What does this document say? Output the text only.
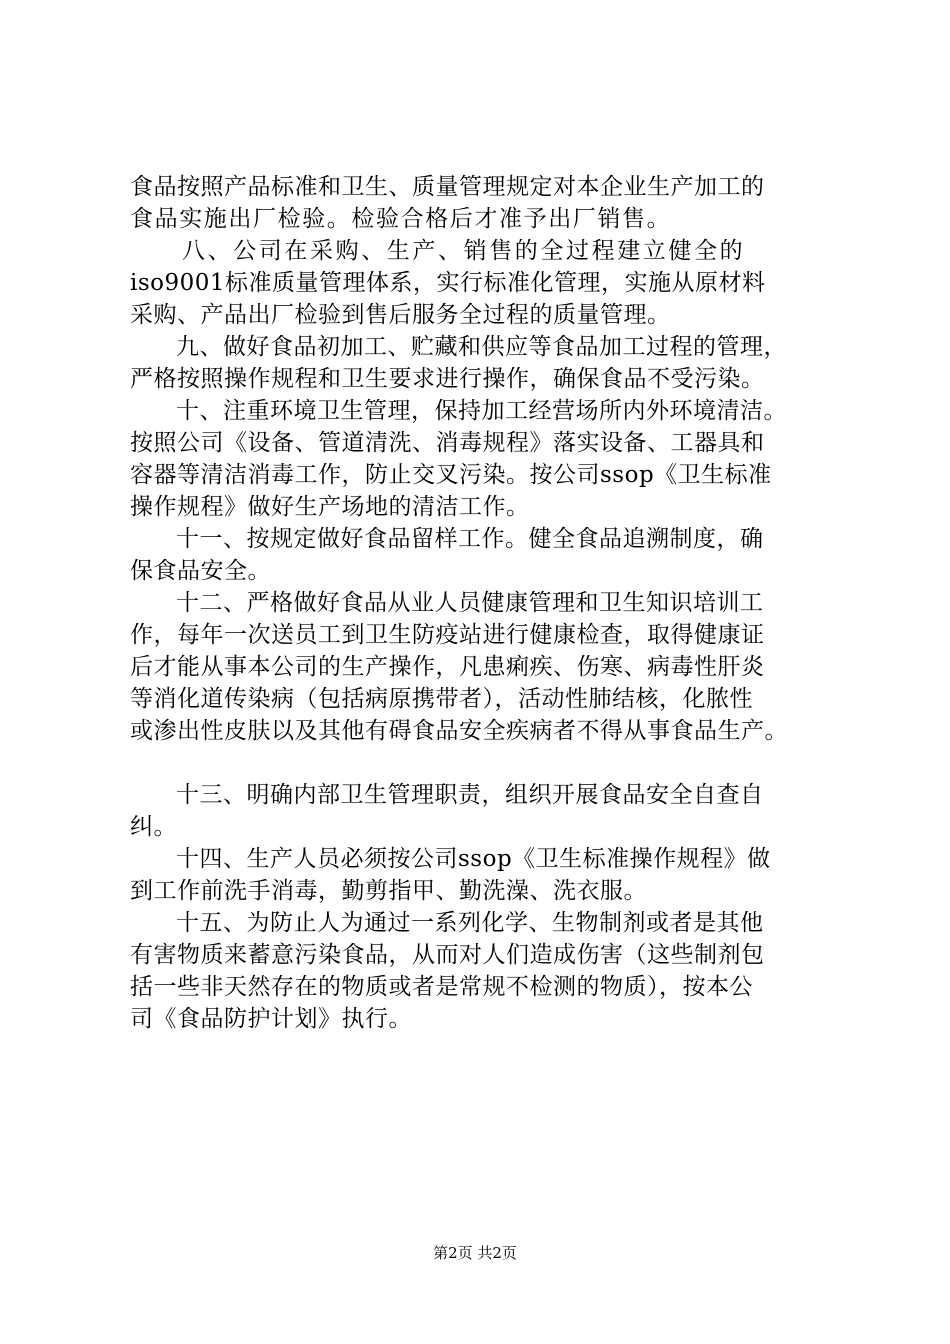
食品按照产品标准和卫生、质量管理规定对本企业生产加工的
食品实施出厂检验。检验合格后才准予出厂销售。
八、公司在采购、生产、销售的全过程建立健全的
iso9001标准质量管理体系，实行标准化管理，实施从原材料
采购、产品出厂检验到售后服务全过程的质量管理。
九、做好食品初加工、贮藏和供应等食品加工过程的管理，
严格按照操作规程和卫生要求进行操作，确保食品不受污染。
十、注重环境卫生管理，保持加工经营场所内外环境清洁。
按照公司《设备、管道清洗、消毒规程》落实设备、工器具和
容器等清洁消毒工作，防止交叉污染。按公司ssop《卫生标准
操作规程》做好生产场地的清洁工作。
十一、按规定做好食品留样工作。健全食品追溯制度，确
保食品安全。
十二、严格做好食品从业人员健康管理和卫生知识培训工
作，每年一次送员工到卫生防疫站进行健康检查，取得健康证
后才能从事本公司的生产操作，凡患痢疾、伤寒、病毒性肝炎
等消化道传染病（包括病原携带者），活动性肺结核，化脓性
或渗出性皮肤以及其他有碍食品安全疾病者不得从事食品生产。
十三、明确内部卫生管理职责，组织开展食品安全自查自
纠。
十四、生产人员必须按公司ssop《卫生标准操作规程》做
到工作前洗手消毒，勤剪指甲、勤洗澡、洗衣服。
十五、为防止人为通过一系列化学、生物制剂或者是其他
有害物质来蓄意污染食品，从而对人们造成伤害（这些制剂包
括一些非天然存在的物质或者是常规不检测的物质），按本公
司《食品防护计划》执行。
第2页 共2页
